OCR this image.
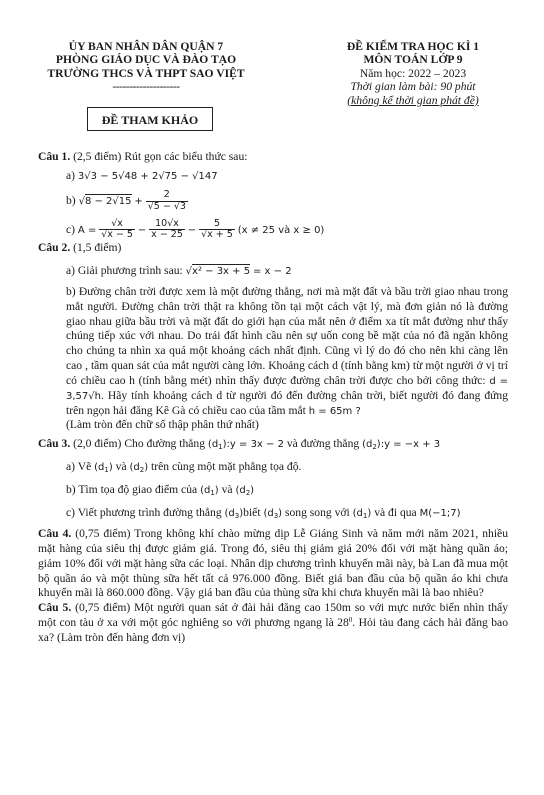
ỦY BAN NHÂN DÂN QUẬN 7
PHÒNG GIÁO DỤC VÀ ĐÀO TẠO
TRƯỜNG THCS VÀ THPT SAO VIỆT
--------------------
ĐỀ KIỂM TRA HỌC KÌ 1
MÔN TOÁN LỚP 9
Năm học: 2022 – 2023
Thời gian làm bài: 90 phút
(không kể thời gian phát đề)
ĐỀ THAM KHẢO

Câu 1. (2,5 điểm) Rút gọn các biểu thức sau:

a) 3√3 − 5√48 + 2√75 − √147

b) $√8 - 2√15 + \frac{2}{√5 - √3}$

c) $A = \frac{√x}{√x - 5} - \frac{10√x}{x - 25} - \frac{5}{√x + 5} (x \ne 25$ và x ≥ 0)

Câu 2. (1,5 điểm)

a) Giải phương trình sau: √x² − 3x + 5 = x − 2

b) Đường chân trời được xem là một đường thẳng, nơi mà mặt đất và bầu trời giao nhau trong mắt người. Đường chân trời thật ra không tồn tại một cách vật lý, mà đơn giản nó là đường giao nhau giữa bầu trời và mặt đất do giới hạn của mắt nên ở điểm xa tít mắt đường như thấy chúng tiếp xúc với nhau. Do trái đất hình cầu nên sự uốn cong bề mặt của nó đã ngăn không cho chúng ta nhìn xa quá một khoảng cách nhất định. Cũng vì lý do đó cho nên khi càng lên cao , tầm quan sát của mắt người càng lớn. Khoảng cách d (tính bằng km) từ một người ở vị trí có chiều cao h (tính bằng mét) nhìn thấy được đường chân trời được cho bởi công thức: d = 3,57√h. Hãy tính khoảng cách d từ người đó đến đường chân trời, biết người đó đang đứng trên ngọn hải đăng Kê Gà có chiều cao của tầm mắt h = 65m ?
(Làm tròn đến chữ số thập phân thứ nhất)

Câu 3. (2,0 điểm) Cho đường thẳng $(d_1):y = 3x - 2$ và đường thẳng $(d_2):y = -x + 3$

a) Vẽ $(d_1)$ và $(d_2)$ trên cùng một mặt phẳng tọa độ.

b) Tìm tọa độ giao điểm của $(d_1)$ và $(d_2)$

c) Viết phương trình đường thẳng $(d_3)biết$ $(d_3)$ song song với $(d_1)$ và đi qua M(−1;7)

Câu 4. (0,75 điểm) Trong không khí chào mừng dịp Lễ Giáng Sinh và năm mới năm 2021, nhiều mặt hàng của siêu thị được giảm giá. Trong đó, siêu thị giảm giá 20% đối với mặt hàng quần áo; giảm 10% đối với mặt hàng sữa các loại. Nhân dịp chương trình khuyến mãi này, bà Lan đã mua một bộ quần áo và một thùng sữa hết tất cả 976.000 đồng. Biết giá ban đầu của bộ quần áo khi chưa khuyến mãi là 860.000 đồng. Vậy giá ban đầu của thùng sữa khi chưa khuyến mãi là bao nhiêu?

Câu 5. (0,75 điểm) Một người quan sát ở đài hải đăng cao 150m so với mực nước biển nhìn thấy một con tàu ở xa với một góc nghiêng so với phương ngang là $28^0$. Hỏi tàu đang cách hải đăng bao xa? (Làm tròn đến hàng đơn vị)
